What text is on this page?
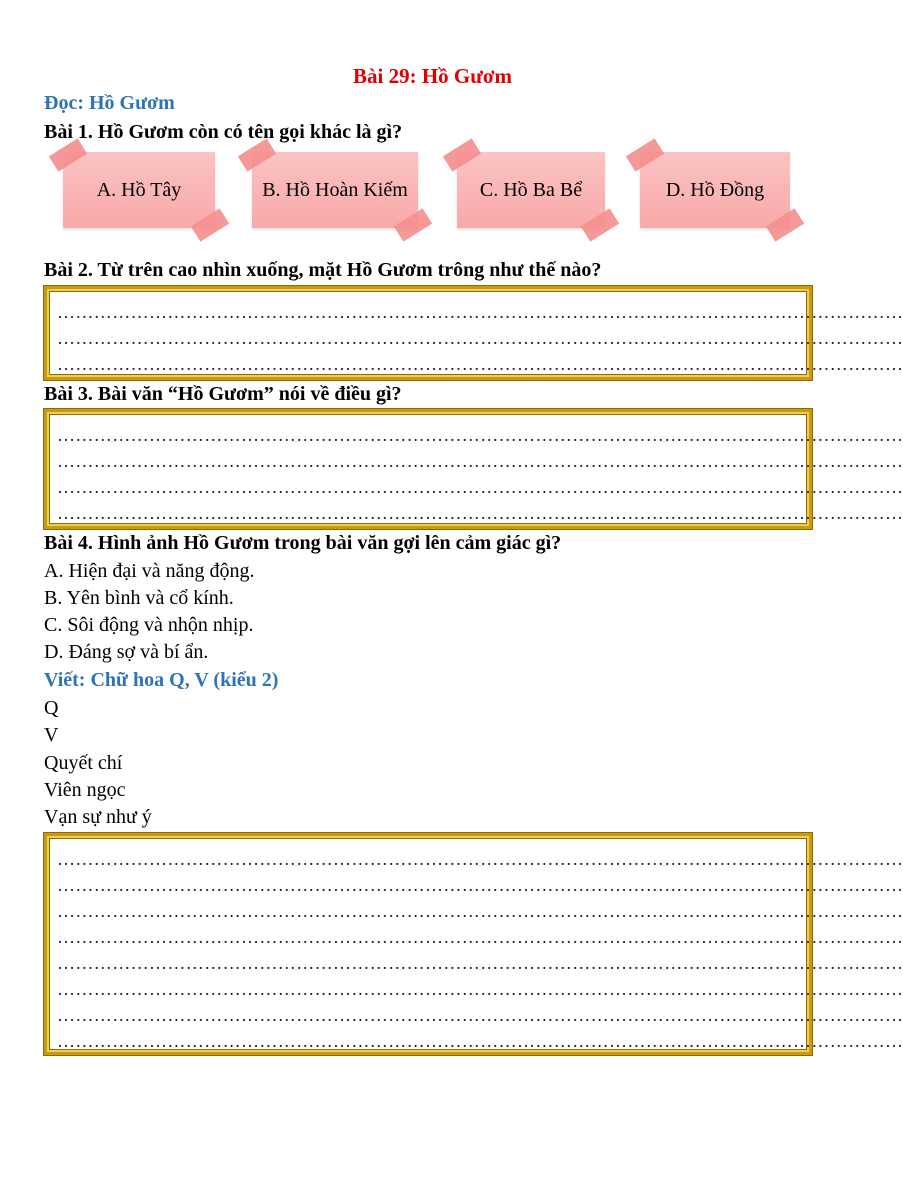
Bài 29: Hồ Gươm
Đọc: Hồ Gươm
Bài 1. Hồ Gươm còn có tên gọi khác là gì?
A. Hồ Tây	B. Hồ Hoàn Kiếm	C. Hồ Ba Bể	D. Hồ Đồng
Bài 2. Từ trên cao nhìn xuống, mặt Hồ Gươm trông như thế nào?
…………………………………………………………………………………………………………………………
…………………………………………………………………………………………………………………………
…………………………………………………………………………………………………………………………
Bài 3. Bài văn “Hồ Gươm” nói về điều gì?
…………………………………………………………………………………………………………………………
…………………………………………………………………………………………………………………………
…………………………………………………………………………………………………………………………
…………………………………………………………………………………………………………………………
Bài 4. Hình ảnh Hồ Gươm trong bài văn gợi lên cảm giác gì?
A. Hiện đại và năng động.
B. Yên bình và cổ kính.
C. Sôi động và nhộn nhịp.
D. Đáng sợ và bí ẩn.
Viết: Chữ hoa Q, V (kiểu 2)
Q
V
Quyết chí
Viên ngọc
Vạn sự như ý
…………………………………………………………………………………………………………………………
…………………………………………………………………………………………………………………………
…………………………………………………………………………………………………………………………
…………………………………………………………………………………………………………………………
…………………………………………………………………………………………………………………………
…………………………………………………………………………………………………………………………
…………………………………………………………………………………………………………………………
…………………………………………………………………………………………………………………………
